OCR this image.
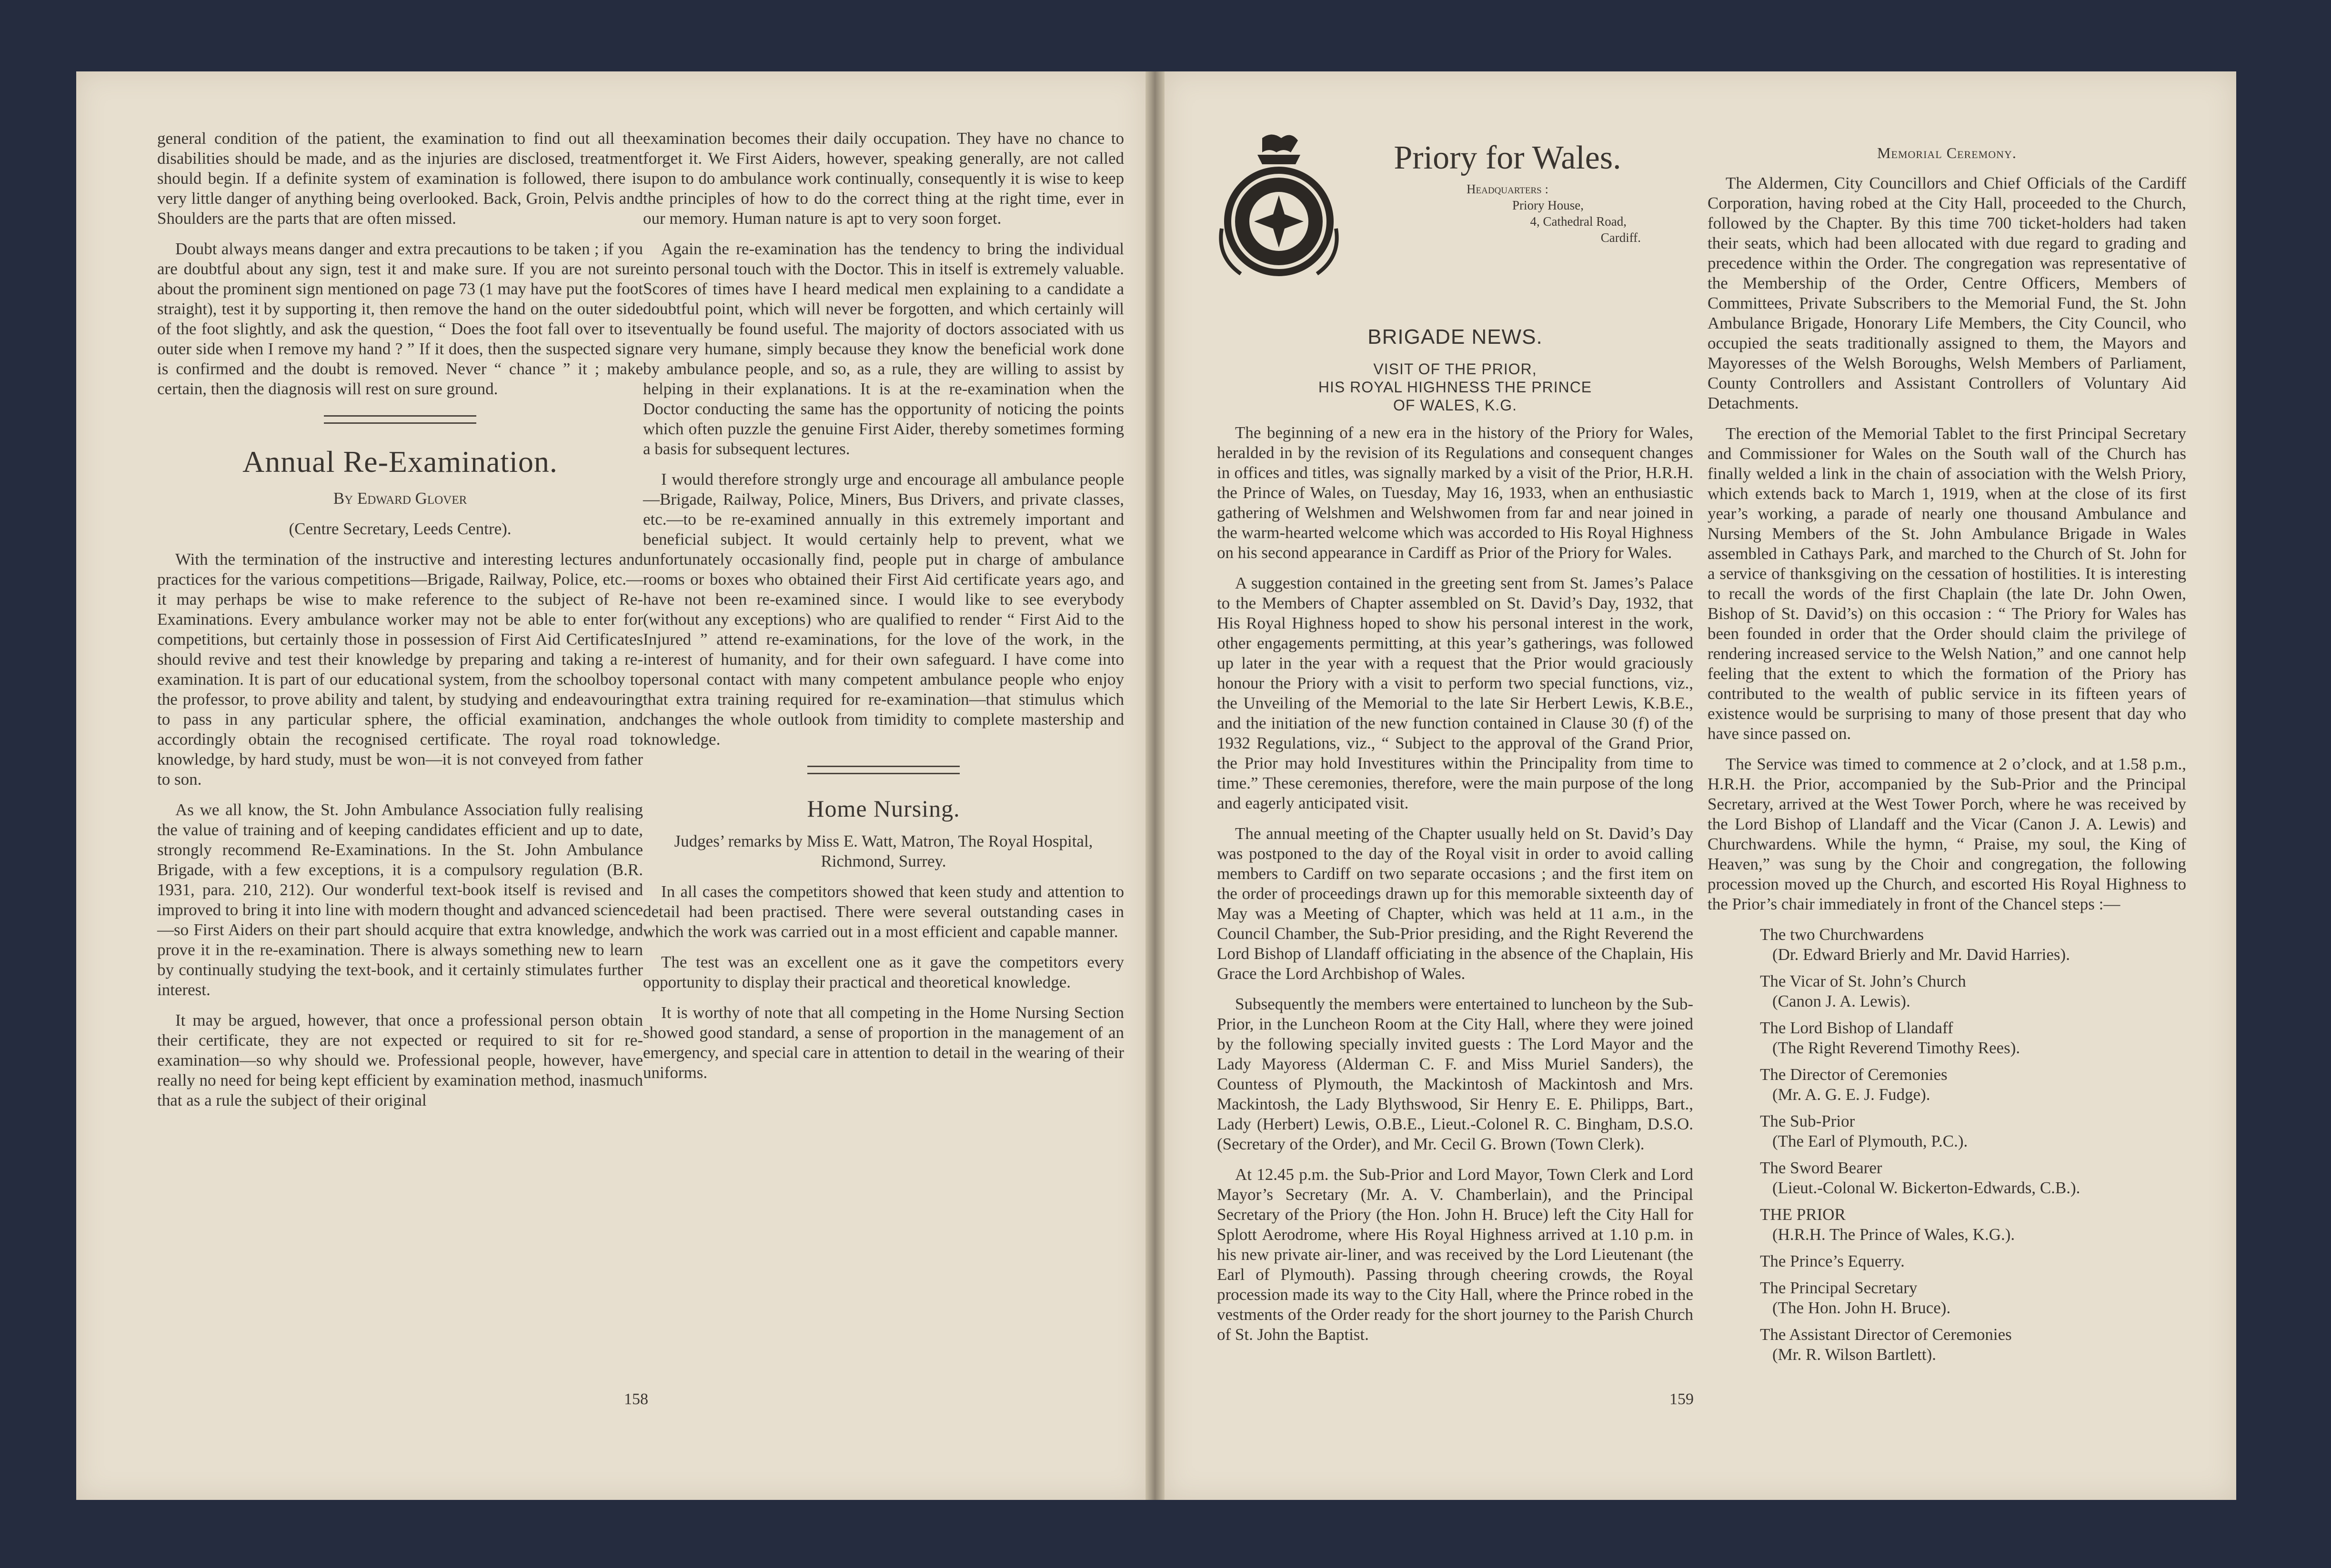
general condition of the patient, the examination to find out all the disabilities should be made, and as the injuries are disclosed, treatment should begin. If a definite system of examination is followed, there is very little danger of anything being overlooked. Back, Groin, Pelvis and Shoulders are the parts that are often missed.

Doubt always means danger and extra precautions to be taken ; if you are doubtful about any sign, test it and make sure. If you are not sure about the prominent sign mentioned on page 73 (1 may have put the foot straight), test it by supporting it, then remove the hand on the outer side of the foot slightly, and ask the question, “ Does the foot fall over to its outer side when I remove my hand ? ” If it does, then the suspected sign is confirmed and the doubt is removed. Never “ chance ” it ; make certain, then the diagnosis will rest on sure ground.

Annual Re-Examination.

By Edward Glover

(Centre Secretary, Leeds Centre).

With the termination of the instructive and interesting lectures and practices for the various competitions—Brigade, Railway, Police, etc.—it may perhaps be wise to make reference to the subject of Re-Examinations. Every ambulance worker may not be able to enter for competitions, but certainly those in possession of First Aid Certificates should revive and test their knowledge by preparing and taking a re-examination. It is part of our educational system, from the schoolboy to the professor, to prove ability and talent, by studying and endeavouring to pass in any particular sphere, the official examination, and accordingly obtain the recognised certificate. The royal road to knowledge, by hard study, must be won—it is not conveyed from father to son.

As we all know, the St. John Ambulance Association fully realising the value of training and of keeping candidates efficient and up to date, strongly recommend Re-Examinations. In the St. John Ambulance Brigade, with a few exceptions, it is a compulsory regulation (B.R. 1931, para. 210, 212). Our wonderful text-book itself is revised and improved to bring it into line with modern thought and advanced science—so First Aiders on their part should acquire that extra knowledge, and prove it in the re-examination. There is always something new to learn by continually studying the text-book, and it certainly stimulates further interest.

It may be argued, however, that once a professional person obtain their certificate, they are not expected or required to sit for re-examination—so why should we. Professional people, however, have really no need for being kept efficient by examination method, inasmuch that as a rule the subject of their original

examination becomes their daily occupation. They have no chance to forget it. We First Aiders, however, speaking generally, are not called upon to do ambulance work continually, consequently it is wise to keep the principles of how to do the correct thing at the right time, ever in our memory. Human nature is apt to very soon forget.

Again the re-examination has the tendency to bring the individual into personal touch with the Doctor. This in itself is extremely valuable. Scores of times have I heard medical men explaining to a candidate a doubtful point, which will never be forgotten, and which certainly will eventually be found useful. The majority of doctors associated with us are very humane, simply because they know the beneficial work done by ambulance people, and so, as a rule, they are willing to assist by helping in their explanations. It is at the re-examination when the Doctor conducting the same has the opportunity of noticing the points which often puzzle the genuine First Aider, thereby sometimes forming a basis for subsequent lectures.

I would therefore strongly urge and encourage all ambulance people—Brigade, Railway, Police, Miners, Bus Drivers, and private classes, etc.—to be re-examined annually in this extremely important and beneficial subject. It would certainly help to prevent, what we unfortunately occasionally find, people put in charge of ambulance rooms or boxes who obtained their First Aid certificate years ago, and have not been re-examined since. I would like to see everybody (without any exceptions) who are qualified to render “ First Aid to the Injured ” attend re-examinations, for the love of the work, in the interest of humanity, and for their own safeguard. I have come into personal contact with many competent ambulance people who enjoy that extra training required for re-examination—that stimulus which changes the whole outlook from timidity to complete mastership and knowledge.

Home Nursing.

Judges’ remarks by Miss E. Watt, Matron, The Royal Hospital, Richmond, Surrey.

In all cases the competitors showed that keen study and attention to detail had been practised. There were several outstanding cases in which the work was carried out in a most efficient and capable manner.

The test was an excellent one as it gave the competitors every opportunity to display their practical and theoretical knowledge.

It is worthy of note that all competing in the Home Nursing Section showed good standard, a sense of proportion in the management of an emergency, and special care in attention to detail in the wearing of their uniforms.

158

Priory for Wales.

Headquarters :
Priory House,
4, Cathedral Road,
Cardiff.
BRIGADE NEWS.
VISIT OF THE PRIOR,
HIS ROYAL HIGHNESS THE PRINCE
OF WALES, K.G.

The beginning of a new era in the history of the Priory for Wales, heralded in by the revision of its Regulations and consequent changes in offices and titles, was signally marked by a visit of the Prior, H.R.H. the Prince of Wales, on Tuesday, May 16, 1933, when an enthusiastic gathering of Welshmen and Welshwomen from far and near joined in the warm-hearted welcome which was accorded to His Royal Highness on his second appearance in Cardiff as Prior of the Priory for Wales.

A suggestion contained in the greeting sent from St. James’s Palace to the Members of Chapter assembled on St. David’s Day, 1932, that His Royal Highness hoped to show his personal interest in the work, other engagements permitting, at this year’s gatherings, was followed up later in the year with a request that the Prior would graciously honour the Priory with a visit to perform two special functions, viz., the Unveiling of the Memorial to the late Sir Herbert Lewis, K.B.E., and the initiation of the new function contained in Clause 30 (f) of the 1932 Regulations, viz., “ Subject to the approval of the Grand Prior, the Prior may hold Investitures within the Principality from time to time.” These ceremonies, therefore, were the main purpose of the long and eagerly anticipated visit.

The annual meeting of the Chapter usually held on St. David’s Day was postponed to the day of the Royal visit in order to avoid calling members to Cardiff on two separate occasions ; and the first item on the order of proceedings drawn up for this memorable sixteenth day of May was a Meeting of Chapter, which was held at 11 a.m., in the Council Chamber, the Sub-Prior presiding, and the Right Reverend the Lord Bishop of Llandaff officiating in the absence of the Chaplain, His Grace the Lord Archbishop of Wales.

Subsequently the members were entertained to luncheon by the Sub-Prior, in the Luncheon Room at the City Hall, where they were joined by the following specially invited guests : The Lord Mayor and the Lady Mayoress (Alderman C. F. and Miss Muriel Sanders), the Countess of Plymouth, the Mackintosh of Mackintosh and Mrs. Mackintosh, the Lady Blythswood, Sir Henry E. E. Philipps, Bart., Lady (Herbert) Lewis, O.B.E., Lieut.-Colonel R. C. Bingham, D.S.O. (Secretary of the Order), and Mr. Cecil G. Brown (Town Clerk).

At 12.45 p.m. the Sub-Prior and Lord Mayor, Town Clerk and Lord Mayor’s Secretary (Mr. A. V. Chamberlain), and the Principal Secretary of the Priory (the Hon. John H. Bruce) left the City Hall for Splott Aerodrome, where His Royal Highness arrived at 1.10 p.m. in his new private air-liner, and was received by the Lord Lieutenant (the Earl of Plymouth). Passing through cheering crowds, the Royal procession made its way to the City Hall, where the Prince robed in the vestments of the Order ready for the short journey to the Parish Church of St. John the Baptist.

Memorial Ceremony.

The Aldermen, City Councillors and Chief Officials of the Cardiff Corporation, having robed at the City Hall, proceeded to the Church, followed by the Chapter. By this time 700 ticket-holders had taken their seats, which had been allocated with due regard to grading and precedence within the Order. The congregation was representative of the Membership of the Order, Centre Officers, Members of Committees, Private Subscribers to the Memorial Fund, the St. John Ambulance Brigade, Honorary Life Members, the City Council, who occupied the seats traditionally assigned to them, the Mayors and Mayoresses of the Welsh Boroughs, Welsh Members of Parliament, County Controllers and Assistant Controllers of Voluntary Aid Detachments.

The erection of the Memorial Tablet to the first Principal Secretary and Commissioner for Wales on the South wall of the Church has finally welded a link in the chain of association with the Welsh Priory, which extends back to March 1, 1919, when at the close of its first year’s working, a parade of nearly one thousand Ambulance and Nursing Members of the St. John Ambulance Brigade in Wales assembled in Cathays Park, and marched to the Church of St. John for a service of thanksgiving on the cessation of hostilities. It is interesting to recall the words of the first Chaplain (the late Dr. John Owen, Bishop of St. David’s) on this occasion : “ The Priory for Wales has been founded in order that the Order should claim the privilege of rendering increased service to the Welsh Nation,” and one cannot help feeling that the extent to which the formation of the Priory has contributed to the wealth of public service in its fifteen years of existence would be surprising to many of those present that day who have since passed on.

The Service was timed to commence at 2 o’clock, and at 1.58 p.m., H.R.H. the Prior, accompanied by the Sub-Prior and the Principal Secretary, arrived at the West Tower Porch, where he was received by the Lord Bishop of Llandaff and the Vicar (Canon J. A. Lewis) and Churchwardens. While the hymn, “ Praise, my soul, the King of Heaven,” was sung by the Choir and congregation, the following procession moved up the Church, and escorted His Royal Highness to the Prior’s chair immediately in front of the Chancel steps :—

The two Churchwardens
(Dr. Edward Brierly and Mr. David Harries).
The Vicar of St. John’s Church
(Canon J. A. Lewis).
The Lord Bishop of Llandaff
(The Right Reverend Timothy Rees).
The Director of Ceremonies
(Mr. A. G. E. J. Fudge).
The Sub-Prior
(The Earl of Plymouth, P.C.).
The Sword Bearer
(Lieut.-Colonal W. Bickerton-Edwards, C.B.).
THE PRIOR
(H.R.H. The Prince of Wales, K.G.).
The Prince’s Equerry.
The Principal Secretary
(The Hon. John H. Bruce).
The Assistant Director of Ceremonies
(Mr. R. Wilson Bartlett).
159
